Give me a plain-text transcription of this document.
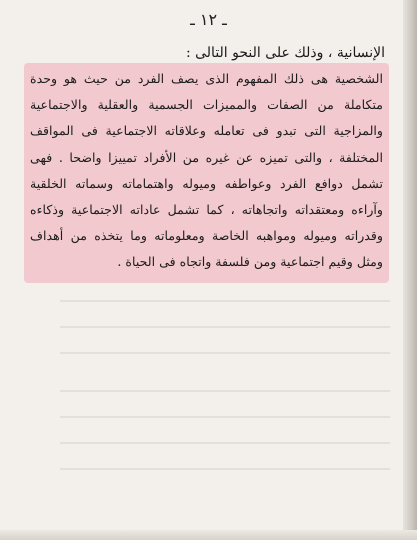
ـ ١٢ ـ
الإنسانية ، وذلك على النحو التالى :

الشخصية هى ذلك المفهوم الذى يصف الفرد من حيث هو وحدة متكاملة من الصفات والمميزات الجسمية والعقلية والاجتماعية والمزاجية التى تبدو فى تعامله وعلاقاته الاجتماعية فى المواقف المختلفة ، والتى تميزه عن غيره من الأفراد تمييزا واضحا . فهى تشمل دوافع الفرد وعواطفه وميوله واهتماماته وسماته الخلقية وآراءه ومعتقداته واتجاهاته ، كما تشمل عاداته الاجتماعية وذكاءه وقدراته وميوله ومواهبه الخاصة ومعلوماته وما يتخذه من أهداف ومثل وقيم اجتماعية ومن فلسفة واتجاه فى الحياة .
